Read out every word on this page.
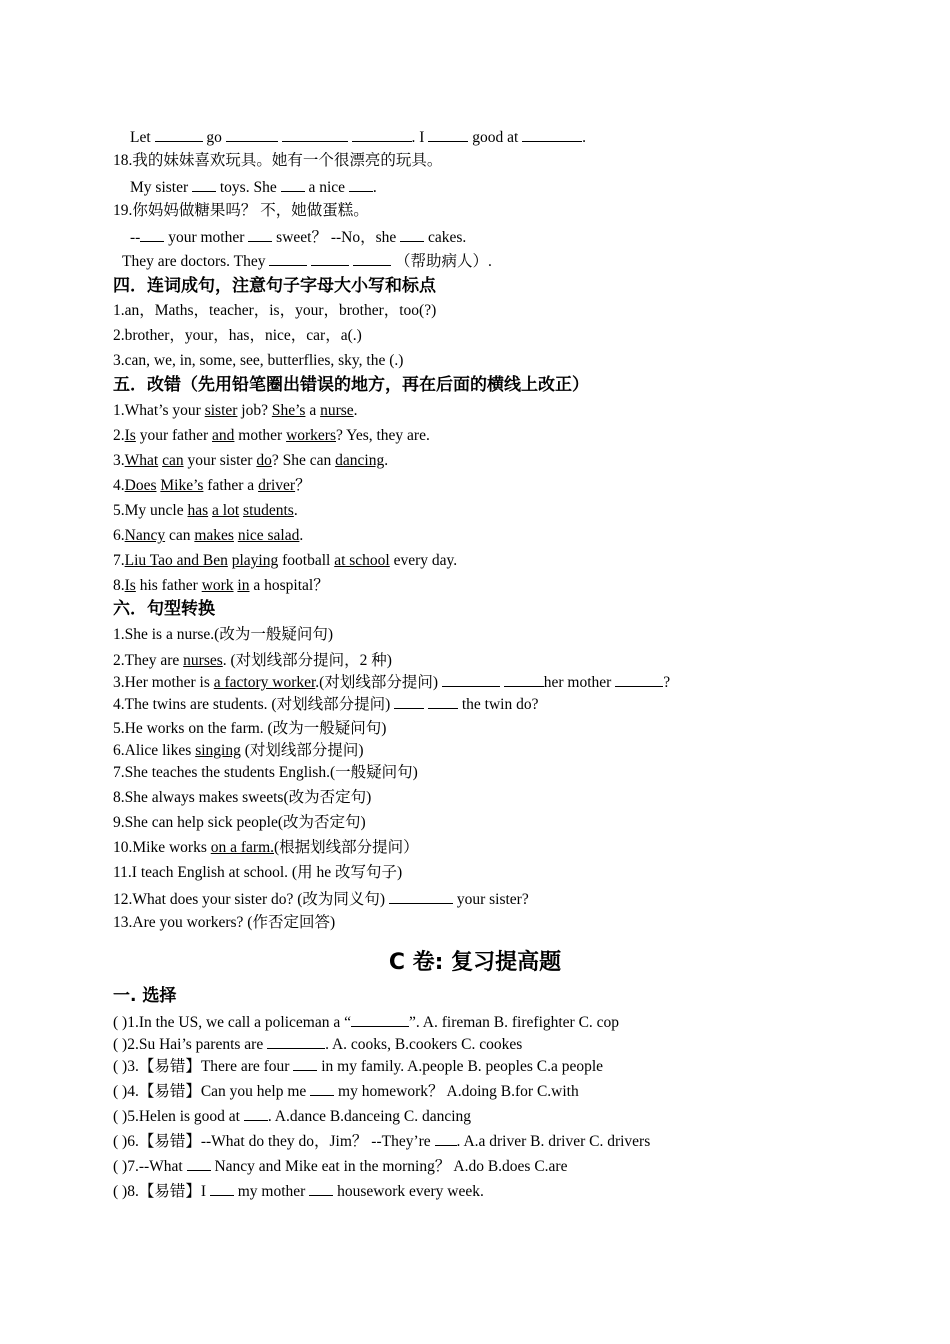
Let	go	. I	good at	.
18.我的妹妹喜欢玩具。她有一个很漂亮的玩具。
My sister toys. She a nice .
19.你妈妈做糖果吗？ 不，她做蛋糕。
-- your mother sweet？ --No，she cakes.
They are doctors. They	（帮助病人）.
四．连词成句，注意句子字母大小写和标点
1.an，Maths，teacher，is，your，brother，too(?)
2.brother，your，has，nice，car，a(.)
3.can, we, in, some, see, butterflies, sky, the (.)
五．改错（先用铅笔圈出错误的地方，再在后面的横线上改正）
1.What’s your sister job? She’s a nurse.
2.Is your father and mother workers? Yes, they are.
3.What can your sister do? She can dancing.
4.Does Mike’s father a driver？
5.My uncle has a lot students.
6.Nancy can makes nice salad.
7.Liu Tao and Ben playing football at school every day.
8.Is his father work in a hospital？
六．句型转换
1.She is a nurse.(改为一般疑问句)
2.They are nurses. (对划线部分提问，2 种)
3.Her mother is a factory worker.(对划线部分提问)	her mother	?
4.The twins are students. (对划线部分提问)	the twin do?
5.He works on the farm. (改为一般疑问句)
6.Alice likes singing (对划线部分提问)
7.She teaches the students English.(一般疑问句)
8.She always makes sweets(改为否定句)
9.She can help sick people(改为否定句)
10.Mike works on a farm.(根据划线部分提问）
11.I teach English at school. (用 he 改写句子)
12.What does your sister do? (改为同义句)	your sister?
13.Are you workers? (作否定回答)
C 卷: 复习提高题
一. 选择
( )1.In the US, we call a policeman a “	”. A. fireman B. firefighter C. cop
( )2.Su Hai’s parents are	. A. cooks, B.cookers C. cookes
( )3.【易错】There are four in my family. A.people B. peoples C.a people
( )4.【易错】Can you help me my homework？ A.doing B.for C.with
( )5.Helen is good at . A.dance B.danceing C. dancing
( )6.【易错】--What do they do，Jim？ --They’re . A.a driver B. driver C. drivers
( )7.--What Nancy and Mike eat in the morning？ A.do B.does C.are
( )8.【易错】I my mother housework every week.
